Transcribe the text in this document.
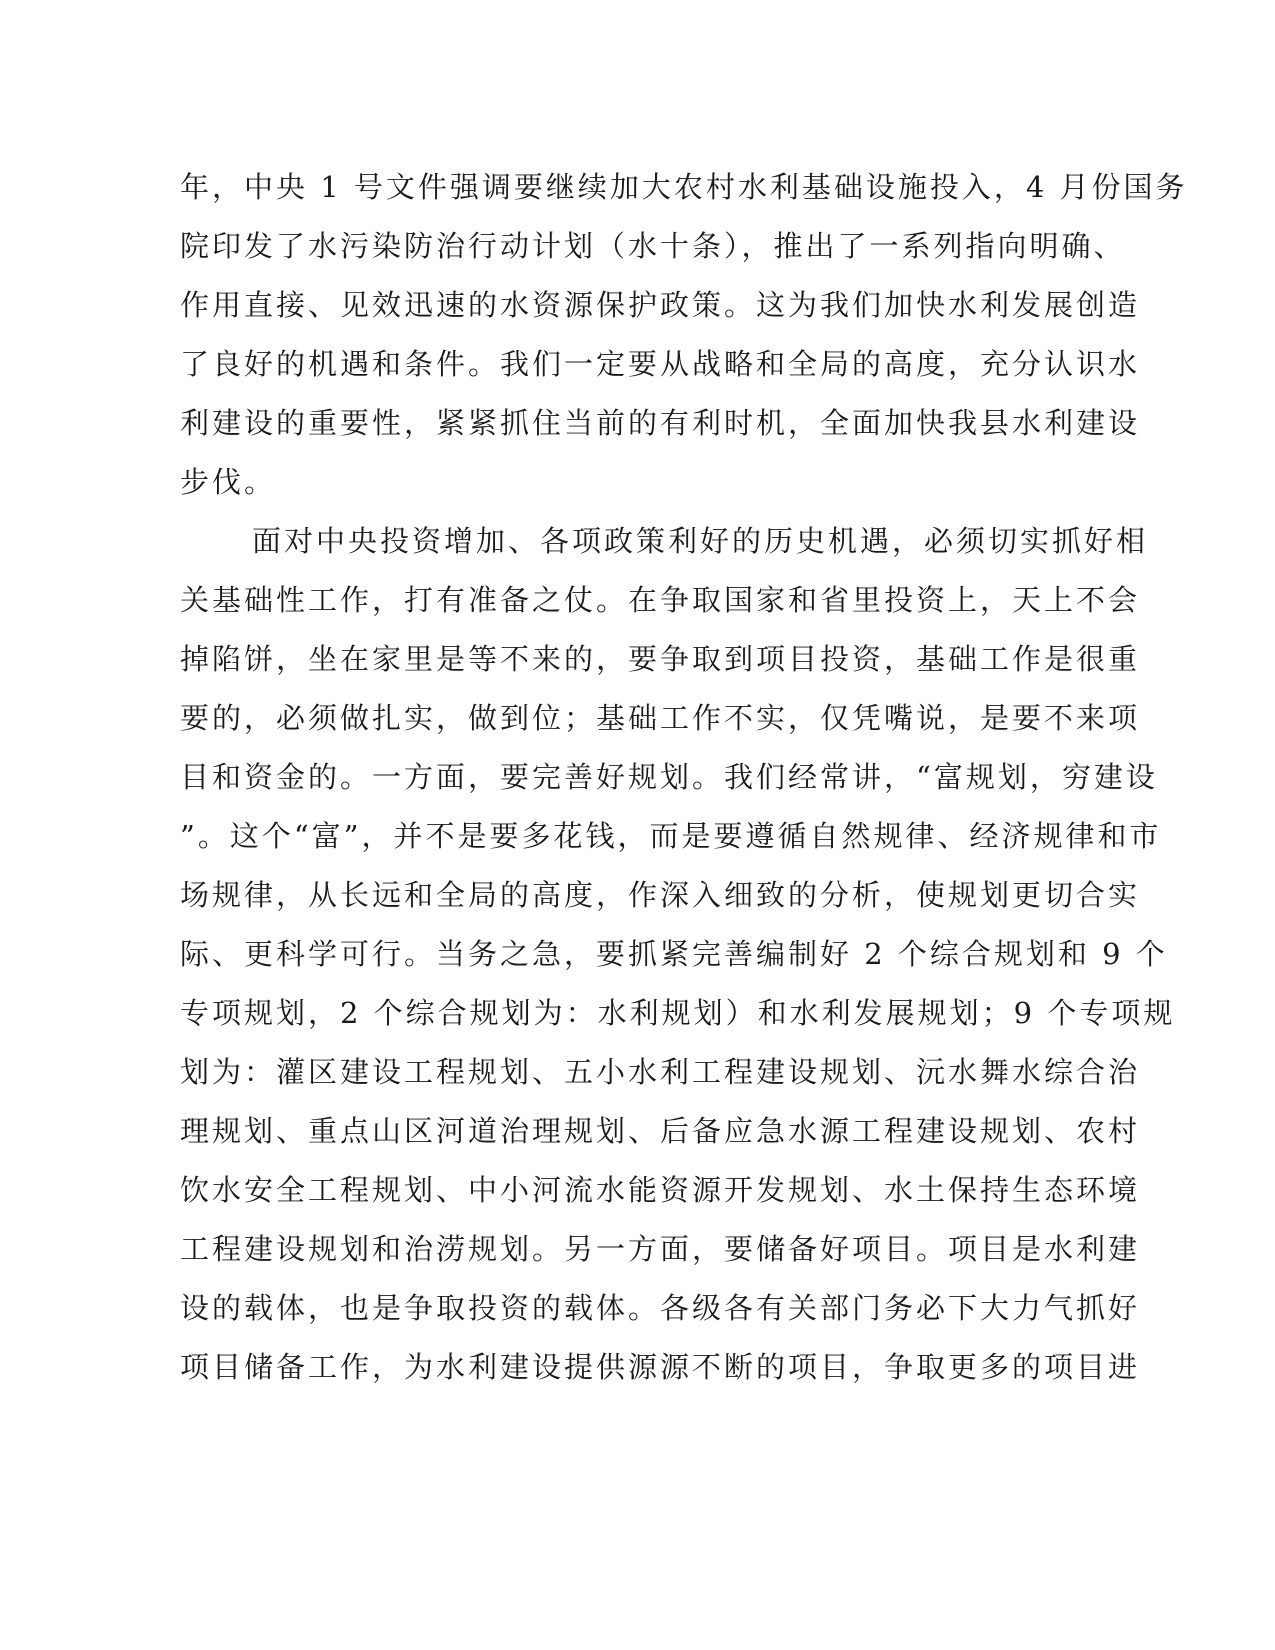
年，中央 1 号文件强调要继续加大农村水利基础设施投入，4 月份国务
院印发了水污染防治行动计划（水十条），推出了一系列指向明确、
作用直接、见效迅速的水资源保护政策。这为我们加快水利发展创造
了良好的机遇和条件。我们一定要从战略和全局的高度，充分认识水
利建设的重要性，紧紧抓住当前的有利时机，全面加快我县水利建设
步伐。
面对中央投资增加、各项政策利好的历史机遇，必须切实抓好相
关基础性工作，打有准备之仗。在争取国家和省里投资上，天上不会
掉陷饼，坐在家里是等不来的，要争取到项目投资，基础工作是很重
要的，必须做扎实，做到位；基础工作不实，仅凭嘴说，是要不来项
目和资金的。一方面，要完善好规划。我们经常讲，“富规划，穷建设
”。这个“富”，并不是要多花钱，而是要遵循自然规律、经济规律和市
场规律，从长远和全局的高度，作深入细致的分析，使规划更切合实
际、更科学可行。当务之急，要抓紧完善编制好 2 个综合规划和 9 个
专项规划，2 个综合规划为：水利规划）和水利发展规划；9 个专项规
划为：灌区建设工程规划、五小水利工程建设规划、沅水舞水综合治
理规划、重点山区河道治理规划、后备应急水源工程建设规划、农村
饮水安全工程规划、中小河流水能资源开发规划、水土保持生态环境
工程建设规划和治涝规划。另一方面，要储备好项目。项目是水利建
设的载体，也是争取投资的载体。各级各有关部门务必下大力气抓好
项目储备工作，为水利建设提供源源不断的项目，争取更多的项目进
